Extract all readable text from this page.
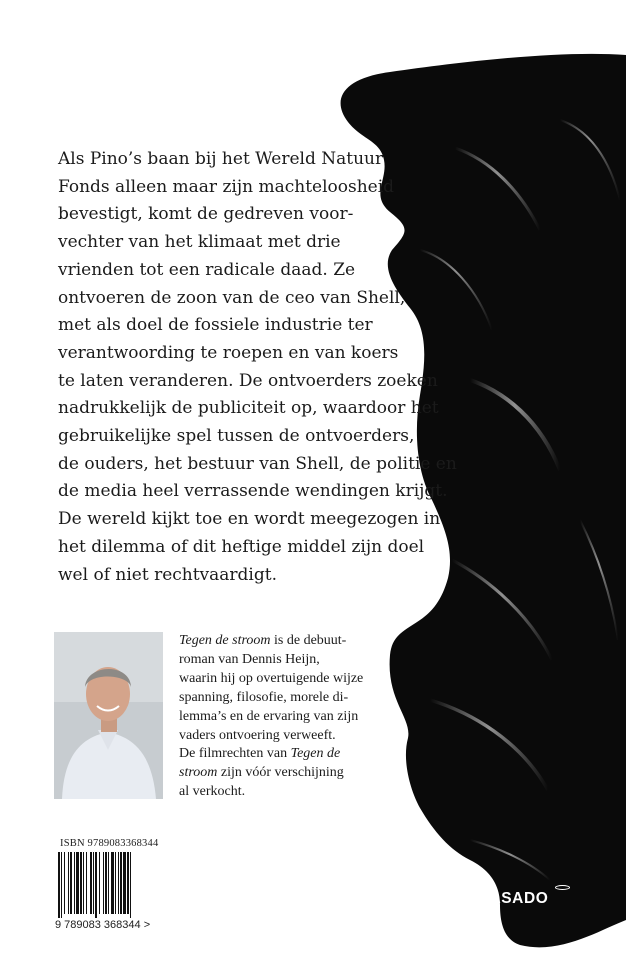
Als Pino’s baan bij het Wereld Natuur
Fonds alleen maar zijn machteloosheid
bevestigt, komt de gedreven voor-
vechter van het klimaat met drie
vrienden tot een radicale daad. Ze
ontvoeren de zoon van de ceo van Shell,
met als doel de fossiele industrie ter
verantwoording te roepen en van koers
te laten veranderen. De ontvoerders zoeken
nadrukkelijk de publiciteit op, waardoor het
gebruikelijke spel tussen de ontvoerders,
de ouders, het bestuur van Shell, de politie en
de media heel verrassende wendingen krijgt.
De wereld kijkt toe en wordt meegezogen in
het dilemma of dit heftige middel zijn doel
wel of niet rechtvaardigt.
Tegen de stroom is de debuut-
roman van Dennis Heijn,
waarin hij op overtuigende wijze
spanning, filosofie, morele di-
lemma’s en de ervaring van zijn
vaders ontvoering verweeft.
De filmrechten van Tegen de
stroom zijn vóór verschijning
al verkocht.
ISBN 9789083368344
9 789083 368344 >
SANTASADO
